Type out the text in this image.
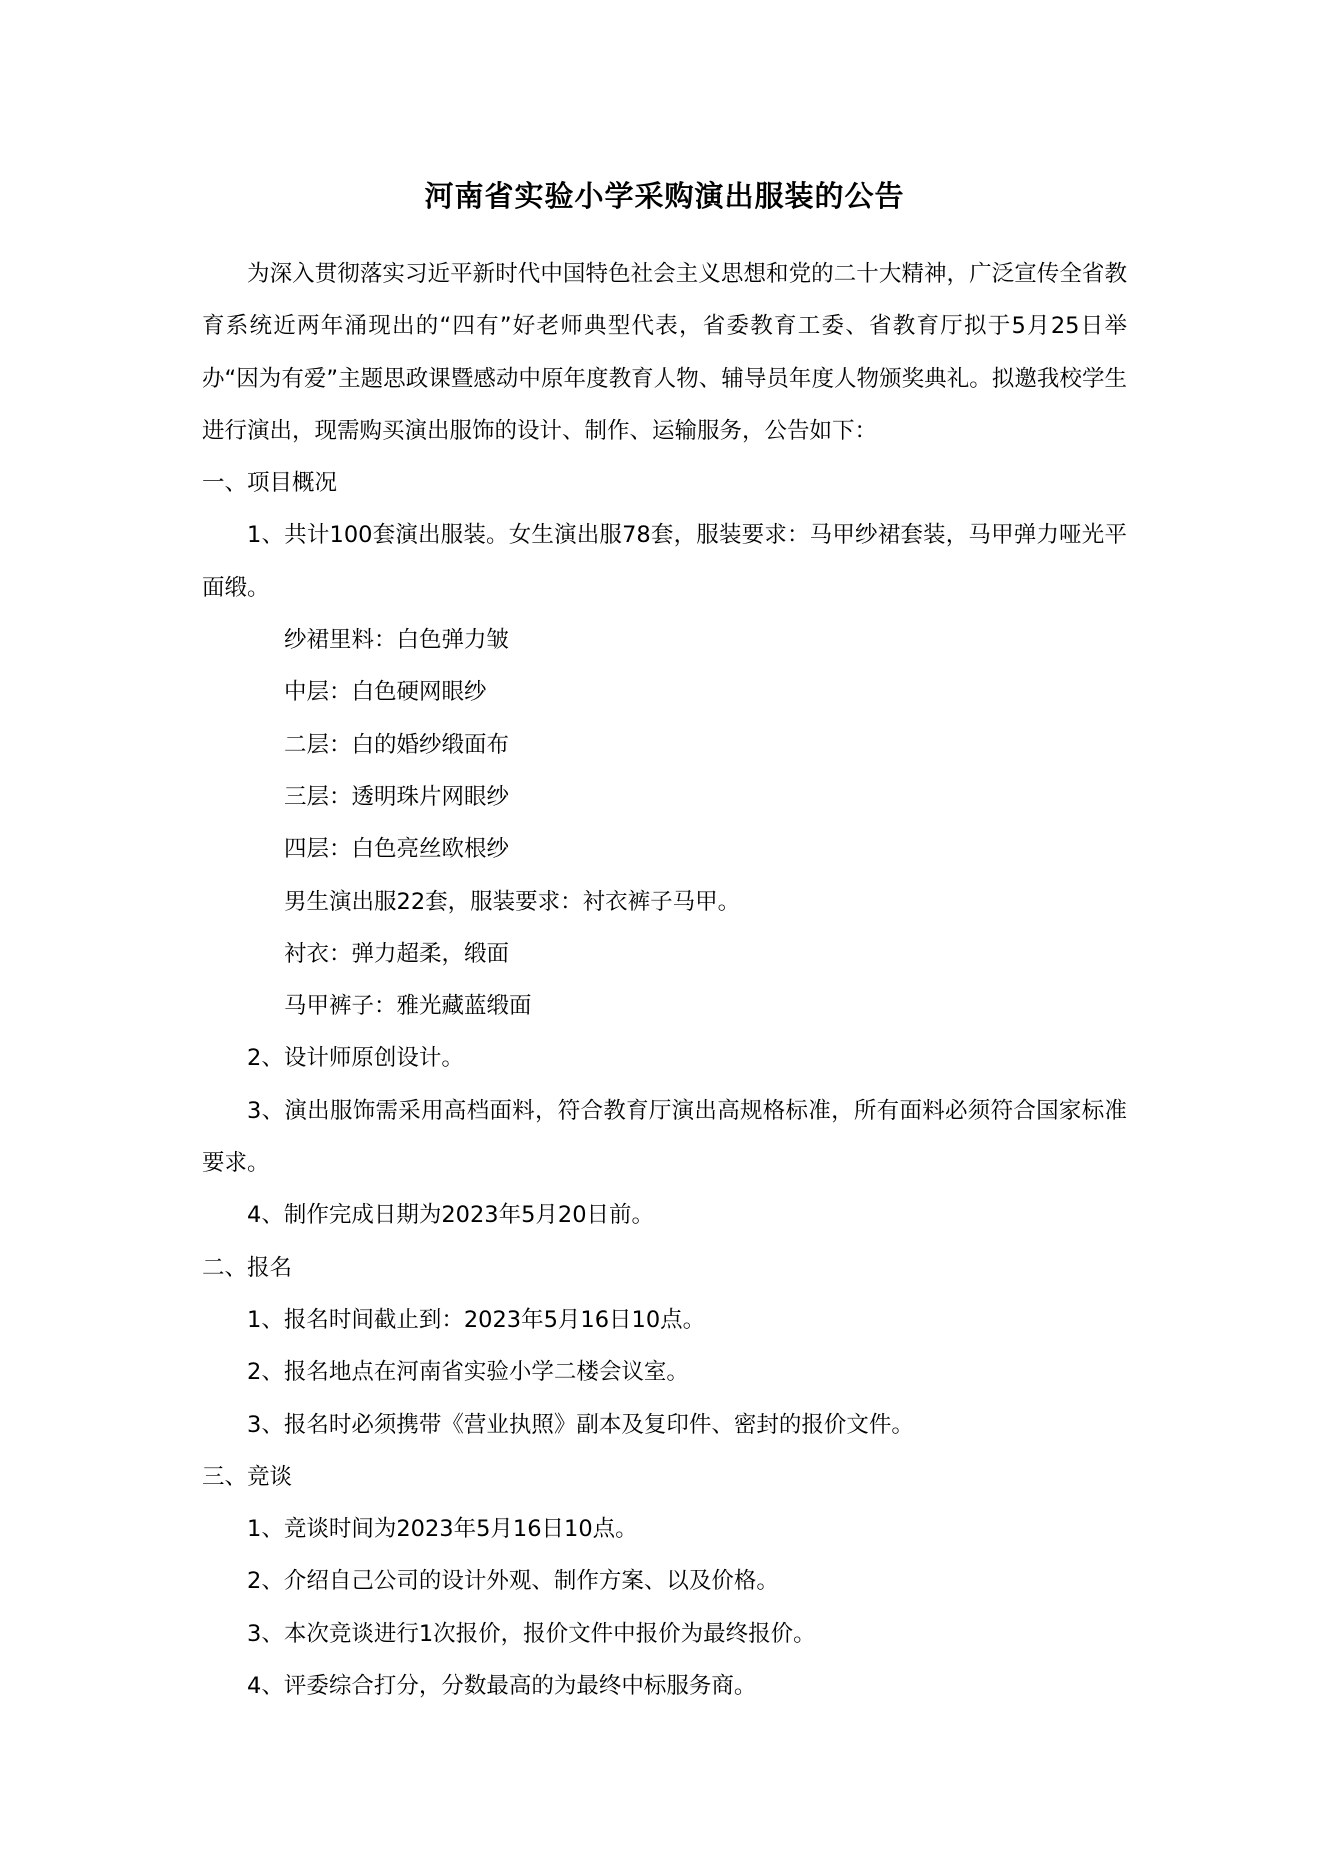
河南省实验小学采购演出服装的公告

为深入贯彻落实习近平新时代中国特色社会主义思想和党的二十大精神，广泛宣传全省教育系统近两年涌现出的“四有”好老师典型代表，省委教育工委、省教育厅拟于5月25日举办“因为有爱”主题思政课暨感动中原年度教育人物、辅导员年度人物颁奖典礼。拟邀我校学生进行演出，现需购买演出服饰的设计、制作、运输服务，公告如下：

一、项目概况

1、共计100套演出服装。女生演出服78套，服装要求：马甲纱裙套装，马甲弹力哑光平面缎。

纱裙里料：白色弹力皱

中层：白色硬网眼纱

二层：白的婚纱缎面布

三层：透明珠片网眼纱

四层：白色亮丝欧根纱

男生演出服22套，服装要求：衬衣裤子马甲。

衬衣：弹力超柔，缎面

马甲裤子：雅光藏蓝缎面

2、设计师原创设计。

3、演出服饰需采用高档面料，符合教育厅演出高规格标准，所有面料必须符合国家标准要求。

4、制作完成日期为2023年5月20日前。

二、报名

1、报名时间截止到：2023年5月16日10点。

2、报名地点在河南省实验小学二楼会议室。

3、报名时必须携带《营业执照》副本及复印件、密封的报价文件。

三、竞谈

1、竞谈时间为2023年5月16日10点。

2、介绍自己公司的设计外观、制作方案、以及价格。

3、本次竞谈进行1次报价，报价文件中报价为最终报价。

4、评委综合打分，分数最高的为最终中标服务商。
